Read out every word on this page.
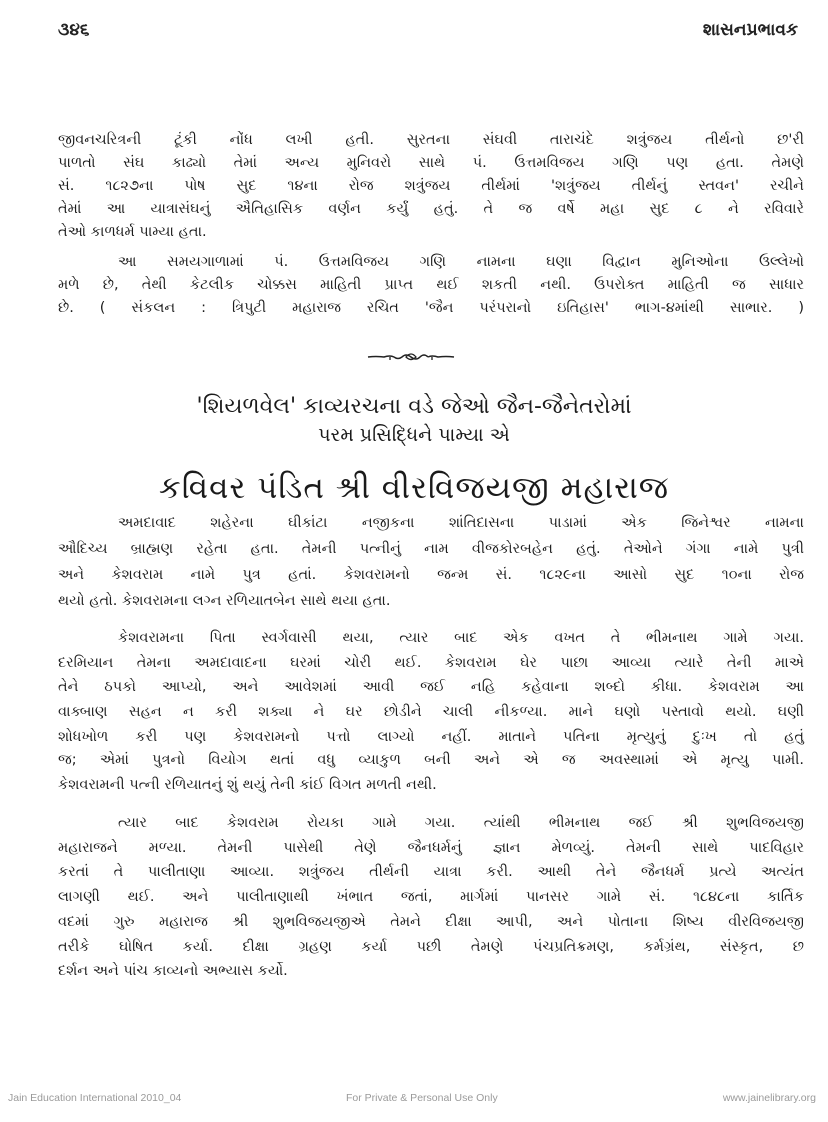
૩૪૬	શાસનપ્રભાવક
જીવનચરિત્રની ટૂંકી નોંધ લખી હતી. સુરતના સંઘવી તારાચંદે શત્રુંજય તીર્થનો છ'રી
પાળતો સંઘ કાઢ્યો તેમાં અન્ય મુનિવરો સાથે પં. ઉત્તમવિજય ગણિ પણ હતા. તેમણે
સં. ૧૮૨૭ના પોષ સુદ ૧૪ના રોજ શત્રુંજય તીર્થમાં 'શત્રુંજય તીર્થનું સ્તવન' રચીને
તેમાં આ યાત્રાસંઘનું ઐતિહાસિક વર્ણન કર્યું હતું. તે જ વર્ષે મહા સુદ ૮ ને રવિવારે
તેઓ કાળધર્મ પામ્યા હતા.
આ સમયગાળામાં પં. ઉત્તમવિજય ગણિ નામના ઘણા વિદ્વાન મુનિઓના ઉલ્લેખો
મળે છે, તેથી કેટલીક ચોક્કસ માહિતી પ્રાપ્ત થઈ શકતી નથી. ઉપરોક્ત માહિતી જ સાધાર
છે. ( સંકલન : ત્રિપુટી મહારાજ રચિત 'જૈન પરંપરાનો ઇતિહાસ' ભાગ-૪માંથી સાભાર. )
'શિયળવેલ' કાવ્યરચના વડે જેઓ જૈન-જૈનેતરોમાં
પરમ પ્રસિદ્ધિને પામ્યા એ
કવિવર પંડિત શ્રી વીરવિજયજી મહારાજ
અમદાવાદ શહેરના ઘીકાંટા નજીકના શાંતિદાસના પાડામાં એક જિનેશ્વર નામના
ઔદિચ્ય બ્રાહ્મણ રહેતા હતા. તેમની પત્નીનું નામ વીજકોરબહેન હતું. તેઓને ગંગા નામે પુત્રી
અને કેશવરામ નામે પુત્ર હતાં. કેશવરામનો જન્મ સં. ૧૮૨૯ના આસો સુદ ૧૦ના રોજ
થયો હતો. કેશવરામના લગ્ન રળિયાતબેન સાથે થયા હતા.
કેશવરામના પિતા સ્વર્ગવાસી થયા, ત્યાર બાદ એક વખત તે ભીમનાથ ગામે ગયા.
દરમિયાન તેમના અમદાવાદના ઘરમાં ચોરી થઈ. કેશવરામ ઘેર પાછા આવ્યા ત્યારે તેની માએ
તેને ઠપકો આપ્યો, અને આવેશમાં આવી જઈ નહિ કહેવાના શબ્દો કીધા. કેશવરામ આ
વાક્બાણ સહન ન કરી શક્યા ને ઘર છોડીને ચાલી નીકળ્યા. માને ઘણો પસ્તાવો થયો. ઘણી
શોધખોળ કરી પણ કેશવરામનો પત્તો લાગ્યો નહીં. માતાને પતિના મૃત્યુનું દુઃખ તો હતું
જ; એમાં પુત્રનો વિયોગ થતાં વધુ વ્યાકુળ બની અને એ જ અવસ્થામાં એ મૃત્યુ પામી.
કેશવરામની પત્ની રળિયાતનું શું થયું તેની કાંઈ વિગત મળતી નથી.
ત્યાર બાદ કેશવરામ રોયકા ગામે ગયા. ત્યાંથી ભીમનાથ જઈ શ્રી શુભવિજયજી
મહારાજને મળ્યા. તેમની પાસેથી તેણે જૈનધર્મનું જ્ઞાન મેળવ્યું. તેમની સાથે પાદવિહાર
કરતાં તે પાલીતાણા આવ્યા. શત્રુંજય તીર્થની યાત્રા કરી. આથી તેને જૈનધર્મ પ્રત્યે અત્યંત
લાગણી થઈ. અને પાલીતાણાથી ખંભાત જતાં, માર્ગમાં પાનસર ગામે સં. ૧૮૪૮ના કાર્તિક
વદમાં ગુરુ મહારાજ શ્રી શુભવિજયજીએ તેમને દીક્ષા આપી, અને પોતાના શિષ્ય વીરવિજયજી
તરીકે ઘોષિત કર્યા. દીક્ષા ગ્રહણ કર્યા પછી તેમણે પંચપ્રતિક્રમણ, કર્મગ્રંથ, સંસ્કૃત, છ
દર્શન અને પાંચ કાવ્યનો અભ્યાસ કર્યો.
Jain Education International 2010_04	For Private & Personal Use Only	www.jainelibrary.org
